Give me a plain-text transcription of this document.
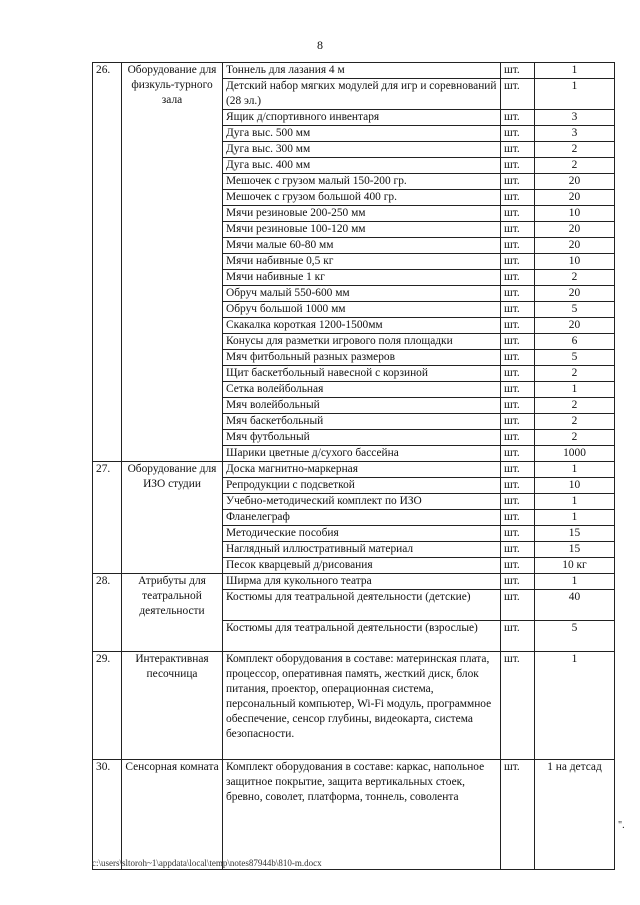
8
26.	Оборудование для физкуль-турного зала	Тоннель для лазания 4 м	шт.	1
		Детский набор мягких модулей для игр и соревнований (28 эл.)	шт.	1
		Ящик д/спортивного инвентаря	шт.	3
		Дуга выс. 500 мм	шт.	3
		Дуга выс. 300 мм	шт.	2
		Дуга выс. 400 мм	шт.	2
		Мешочек с грузом малый 150-200 гр.	шт.	20
		Мешочек с грузом большой 400 гр.	шт.	20
		Мячи резиновые 200-250 мм	шт.	10
		Мячи резиновые 100-120 мм	шт.	20
		Мячи малые 60-80 мм	шт.	20
		Мячи набивные 0,5 кг	шт.	10
		Мячи набивные 1 кг	шт.	2
		Обруч малый 550-600 мм	шт.	20
		Обруч большой 1000 мм	шт.	5
		Скакалка короткая 1200-1500мм	шт.	20
		Конусы для разметки игрового поля площадки	шт.	6
		Мяч фитбольный разных размеров	шт.	5
		Щит баскетбольный навесной с корзиной	шт.	2
		Сетка волейбольная	шт.	1
		Мяч волейбольный	шт.	2
		Мяч баскетбольный	шт.	2
		Мяч футбольный	шт.	2
		Шарики цветные д/сухого бассейна	шт.	1000
27.	Оборудование для ИЗО студии	Доска магнитно-маркерная	шт.	1
		Репродукции с подсветкой	шт.	10
		Учебно-методический комплект по ИЗО	шт.	1
		Фланелеграф	шт.	1
		Методические пособия	шт.	15
		Наглядный иллюстративный материал	шт.	15
		Песок кварцевый д/рисования	шт.	10 кг
28.	Атрибуты для театральной деятельности	Ширма для кукольного театра	шт.	1
		Костюмы для театральной деятельности (детские)	шт.	40
		Костюмы для театральной деятельности (взрослые)	шт.	5
29.	Интерактивная песочница	Комплект оборудования в составе: материнская плата, процессор, оперативная память, жесткий диск, блок питания, проектор, операционная система, персональный компьютер, Wi-Fi модуль, программное обеспечение, сенсор глубины, видеокарта, система безопасности.	шт.	1
30.	Сенсорная комната	Комплект оборудования в составе: каркас, напольное защитное покрытие, защита вертикальных стоек, бревно, соволет, платформа, тоннель, соволента	шт.	1 на детсад
c:\users\sltoroh~1\appdata\local\temp\notes87944b\810-m.docx
".
